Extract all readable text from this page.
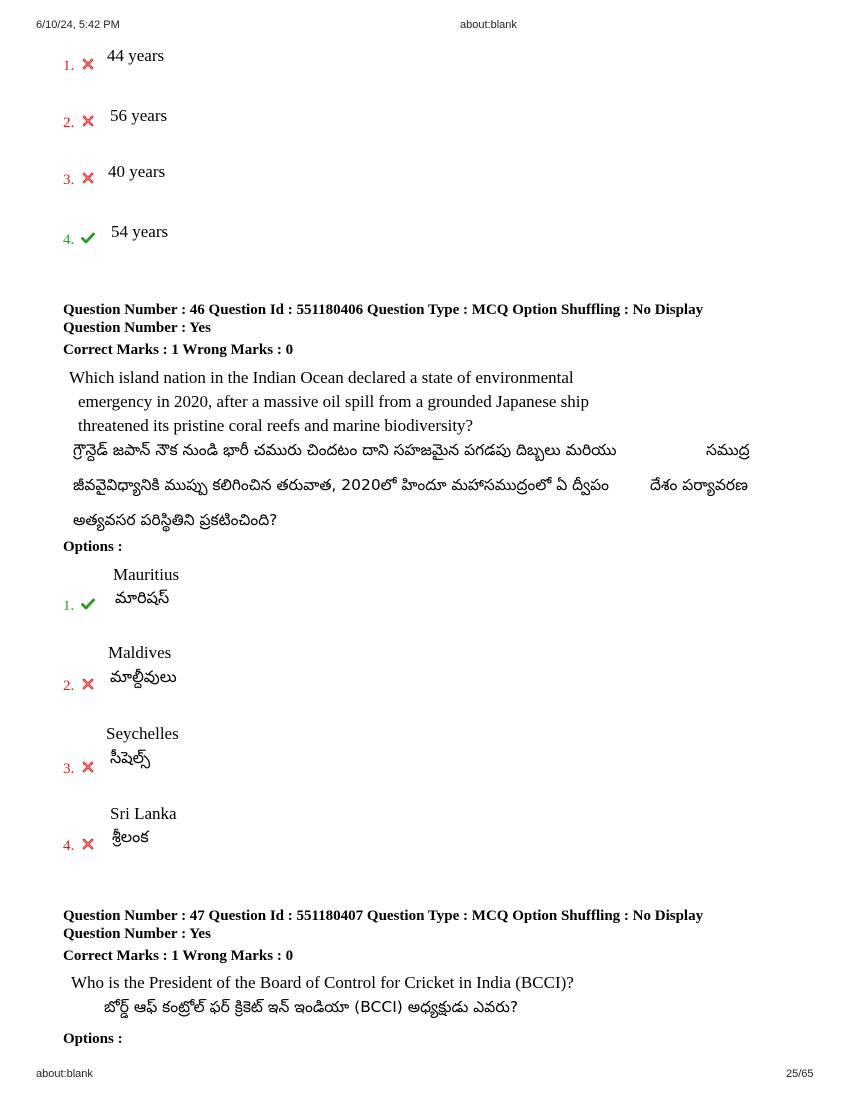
6/10/24, 5:42 PM	about:blank
1.
44 years
2. 56 years
3. 40 years
4. 54 years
Question Number : 46 Question Id : 551180406 Question Type : MCQ Option Shuffling : No Display
Question Number : Yes
Correct Marks : 1 Wrong Marks : 0
Which island nation in the Indian Ocean declared a state of environmental
emergency in 2020, after a massive oil spill from a grounded Japanese ship
threatened its pristine coral reefs and marine biodiversity?
గ్రౌన్దెడ్ జపాన్ నౌక నుండి భారీ చమురు చిందటం దాని సహజమైన పగడపు దిబ్బలు మరియు	సముద్ర
జీవవైవిధ్యానికి ముప్పు కలిగించిన తరువాత, 2020లో హిందూ మహాసముద్రంలో ఏ ద్వీపం	దేశం పర్యావరణ
అత్యవసర పరిస్థితిని ప్రకటించింది?
Options :
Mauritius
మారిషస్
1.
Maldives
మాల్దీవులు
2.
Seychelles
సీషెల్స్
3.
Sri Lanka
శ్రీలంక
4.
Question Number : 47 Question Id : 551180407 Question Type : MCQ Option Shuffling : No Display
Question Number : Yes
Correct Marks : 1 Wrong Marks : 0
Who is the President of the Board of Control for Cricket in India (BCCI)?
బోర్డ్ ఆఫ్ కంట్రోల్ ఫర్ క్రికెట్ ఇన్ ఇండియా (BCCI) అధ్యక్షుడు ఎవరు?
Options :
about:blank	25/65
